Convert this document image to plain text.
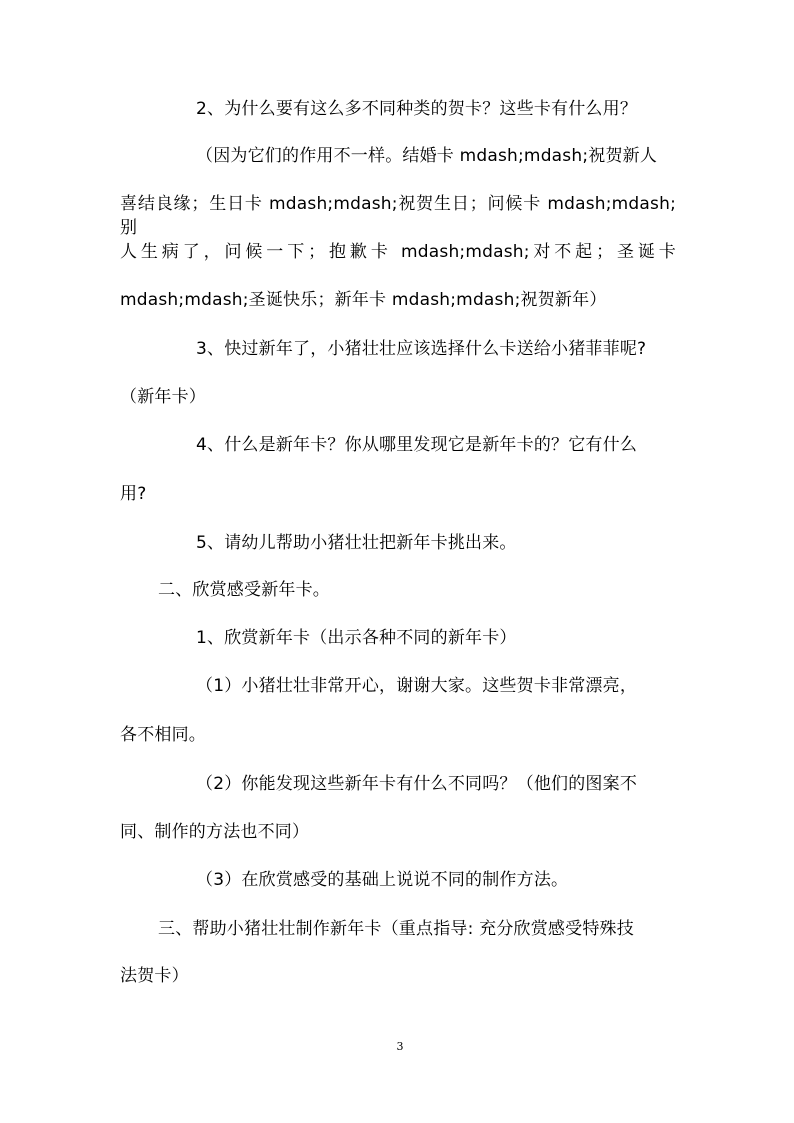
2、为什么要有这么多不同种类的贺卡？这些卡有什么用？
（因为它们的作用不一样。结婚卡 mdash;mdash;祝贺新人
喜结良缘；生日卡 mdash;mdash;祝贺生日；问候卡 mdash;mdash;别
人生病了，问候一下；抱歉卡 mdash;mdash;对不起；圣诞卡
mdash;mdash;圣诞快乐；新年卡 mdash;mdash;祝贺新年）
3、快过新年了，小猪壮壮应该选择什么卡送给小猪菲菲呢?
（新年卡）
4、什么是新年卡？你从哪里发现它是新年卡的？它有什么
用?
5、请幼儿帮助小猪壮壮把新年卡挑出来。
二、欣赏感受新年卡。
1、欣赏新年卡（出示各种不同的新年卡）
（1）小猪壮壮非常开心，谢谢大家。这些贺卡非常漂亮，
各不相同。
（2）你能发现这些新年卡有什么不同吗？（他们的图案不
同、制作的方法也不同）
（3）在欣赏感受的基础上说说不同的制作方法。
三、帮助小猪壮壮制作新年卡（重点指导: 充分欣赏感受特殊技
法贺卡）
3
